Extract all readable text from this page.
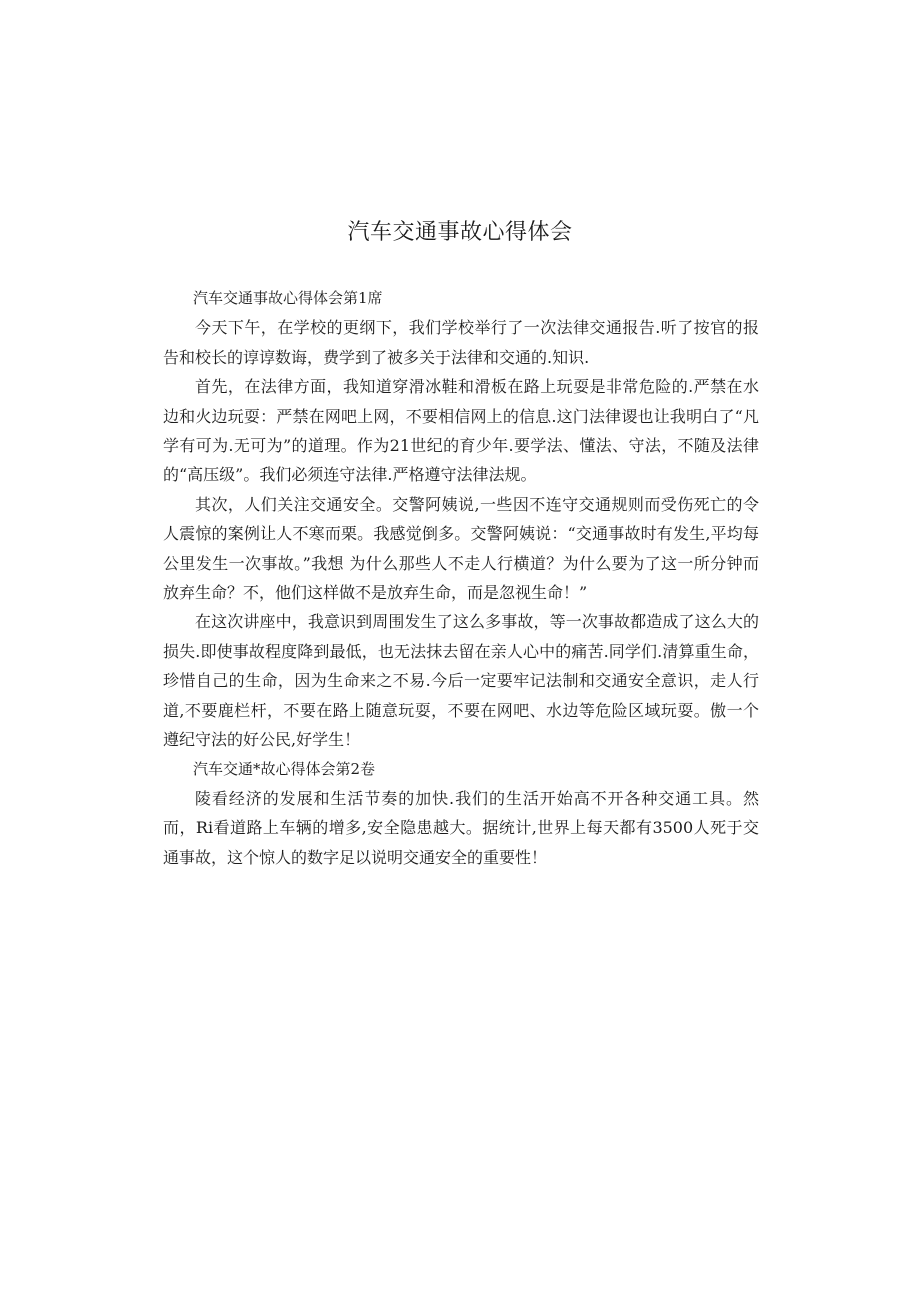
汽车交通事故心得体会

汽车交通事故心得体会第1席

今天下午，在学校的更纲下，我们学校举行了一次法律交通报告.听了按官的报告和校长的谆谆数诲，费学到了被多关于法律和交通的.知识.

首先，在法律方面，我知道穿滑冰鞋和滑板在路上玩耍是非常危险的.严禁在水边和火边玩耍：严禁在网吧上网，不要相信网上的信息.这门法律谡也让我明白了“凡学有可为.无可为”的道理。作为21世纪的育少年.要学法、懂法、守法，不随及法律的“高压级”。我们必须连守法律.严格遵守法律法规。

其次，人们关注交通安全。交警阿姨说,一些因不连守交通规则而受伤死亡的令人震惊的案例让人不寒而栗。我感觉倒多。交警阿姨说：“交通事故时有发生,平均每公里发生一次事故。”我想 为什么那些人不走人行横道？为什么要为了这一所分钟而放弃生命？不，他们这样做不是放弃生命，而是忽视生命！”

在这次讲座中，我意识到周围发生了这么多事故，等一次事故都造成了这么大的损失.即使事故程度降到最低，也无法抹去留在亲人心中的痛苦.同学们.清算重生命，珍惜自己的生命，因为生命来之不易.今后一定要牢记法制和交通安全意识，走人行道,不要鹿栏杆，不要在路上随意玩耍，不要在网吧、水边等危险区域玩耍。傲一个遵纪守法的好公民,好学生！

汽车交通*故心得体会第2卷

陵看经济的发展和生活节奏的加快.我们的生活开始高不开各种交通工具。然而，Ri看道路上车辆的增多,安全隐患越大。据统计,世界上每天都有3500人死于交通事故，这个惊人的数字足以说明交通安全的重要性！
